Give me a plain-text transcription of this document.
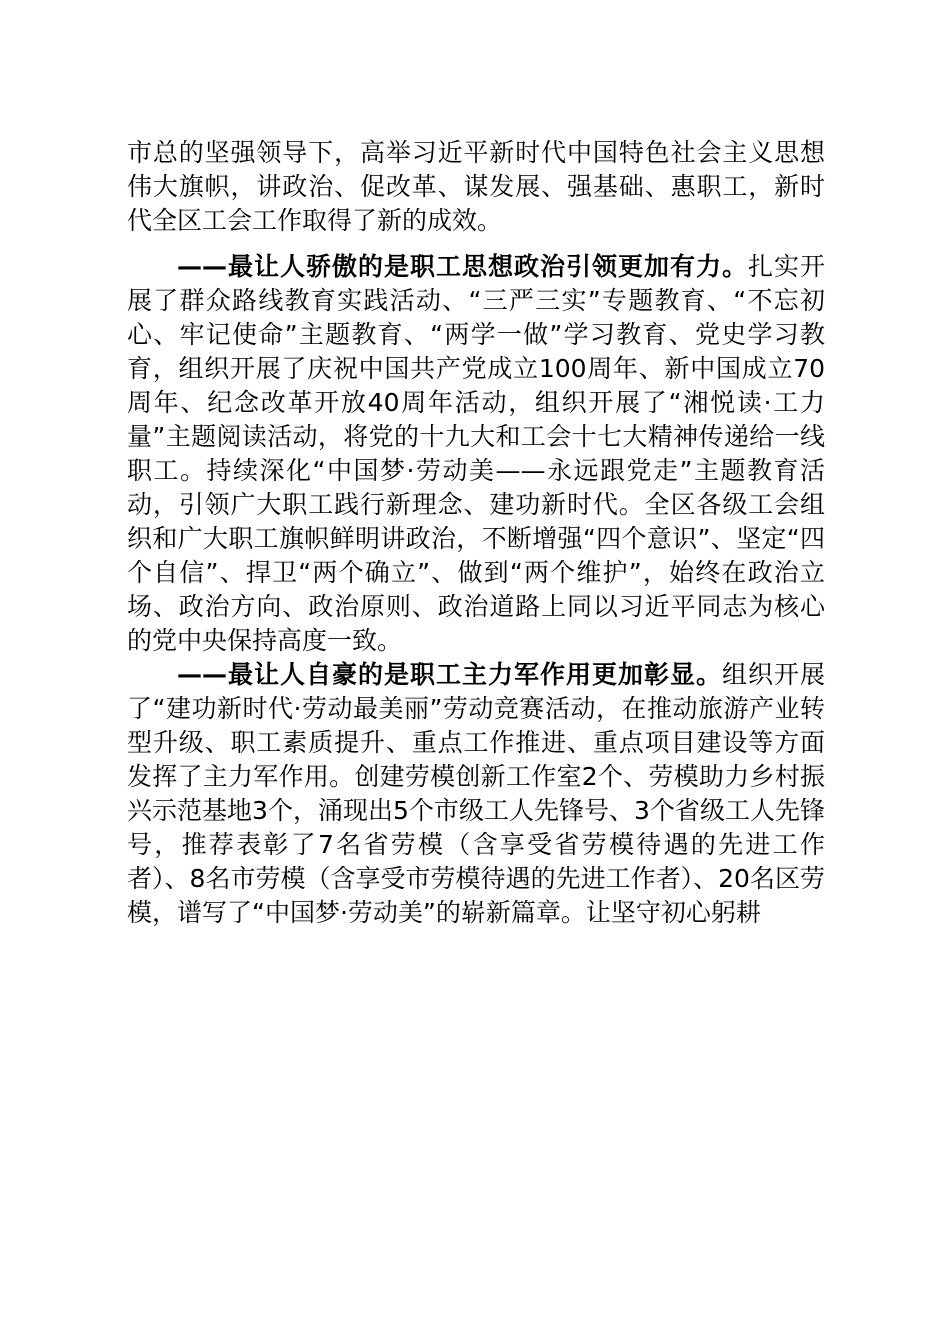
市总的坚强领导下，高举习近平新时代中国特色社会主义思想伟大旗帜，讲政治、促改革、谋发展、强基础、惠职工，新时代全区工会工作取得了新的成效。

——最让人骄傲的是职工思想政治引领更加有力。扎实开展了群众路线教育实践活动、“三严三实”专题教育、“不忘初心、牢记使命”主题教育、“两学一做”学习教育、党史学习教育，组织开展了庆祝中国共产党成立100周年、新中国成立70周年、纪念改革开放40周年活动，组织开展了“湘悦读·工力量”主题阅读活动，将党的十九大和工会十七大精神传递给一线职工。持续深化“中国梦·劳动美——永远跟党走”主题教育活动，引领广大职工践行新理念、建功新时代。全区各级工会组织和广大职工旗帜鲜明讲政治，不断增强“四个意识”、坚定“四个自信”、捍卫“两个确立”、做到“两个维护”，始终在政治立场、政治方向、政治原则、政治道路上同以习近平同志为核心的党中央保持高度一致。

——最让人自豪的是职工主力军作用更加彰显。组织开展了“建功新时代·劳动最美丽”劳动竞赛活动，在推动旅游产业转型升级、职工素质提升、重点工作推进、重点项目建设等方面发挥了主力军作用。创建劳模创新工作室2个、劳模助力乡村振兴示范基地3个，涌现出5个市级工人先锋号、3个省级工人先锋号，推荐表彰了7名省劳模（含享受省劳模待遇的先进工作者）、8名市劳模（含享受市劳模待遇的先进工作者）、20名区劳模，谱写了“中国梦·劳动美”的崭新篇章。让坚守初心躬耕
